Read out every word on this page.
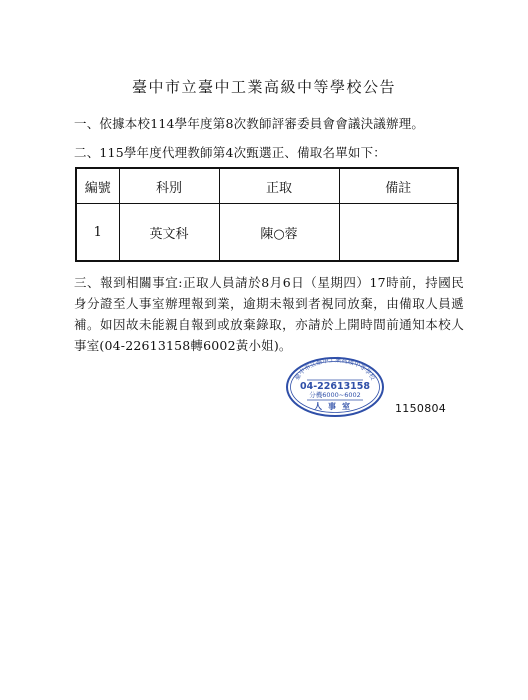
臺中市立臺中工業高級中等學校公告
一、依據本校114學年度第8次教師評審委員會會議決議辦理。
二、115學年度代理教師第4次甄選正、備取名單如下：
編號	科別	正取	備註
1	英文科	陳○蓉	
三、報到相關事宜:正取人員請於8月6日（星期四）17時前，持國民身分證至人事室辦理報到業，逾期未報到者視同放棄，由備取人員遞補。如因故未能親自報到或放棄錄取，亦請於上開時間前通知本校人事室(04-22613158轉6002黃小姐)。
臺中市立臺中工業高級中等學校
04-22613158
分機6000~6002
人事室	1150804
